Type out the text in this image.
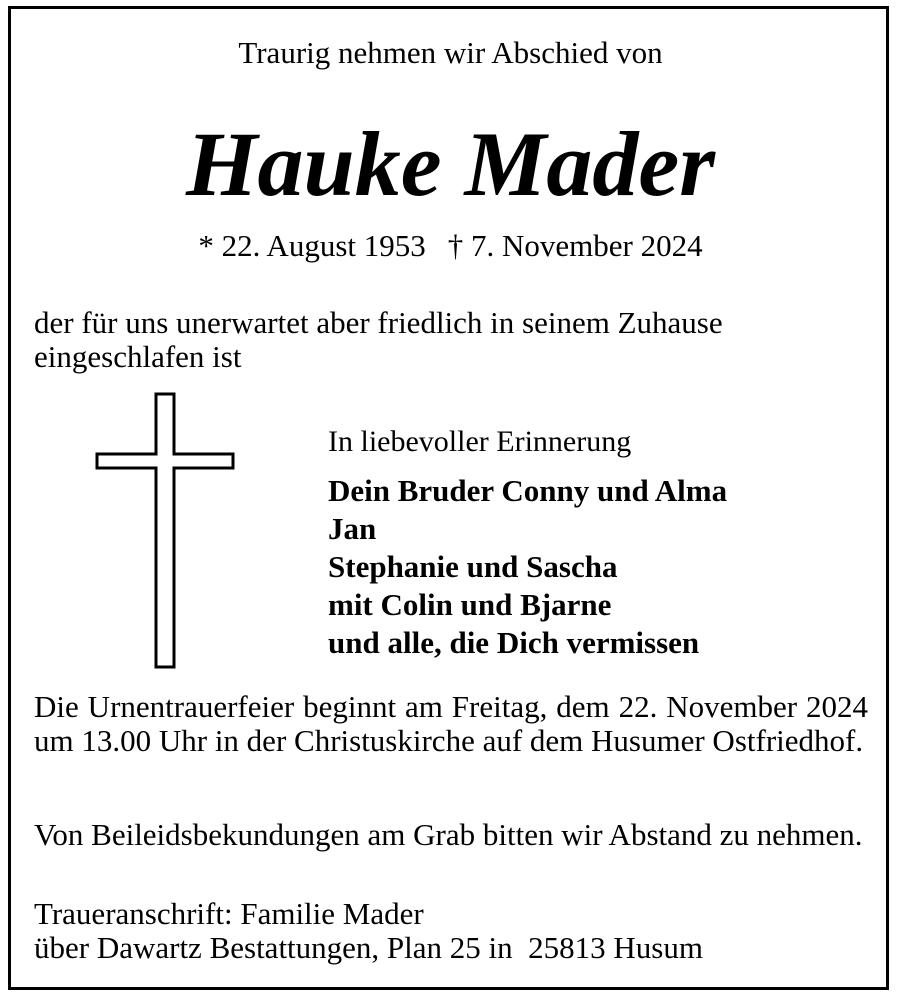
Traurig nehmen wir Abschied von
Hauke Mader
* 22. August 1953 † 7. November 2024
der für uns unerwartet aber friedlich in seinem Zuhause
eingeschlafen ist
In liebevoller Erinnerung
Dein Bruder Conny und Alma
Jan
Stephanie und Sascha
mit Colin und Bjarne
und alle, die Dich vermissen
Die Urnentrauerfeier beginnt am Freitag, dem 22. November 2024 um 13.00 Uhr in der Christuskirche auf dem Husumer Ostfriedhof.
Von Beileidsbekundungen am Grab bitten wir Abstand zu nehmen.
Traueranschrift: Familie Mader
über Dawartz Bestattungen, Plan 25 in  25813 Husum
